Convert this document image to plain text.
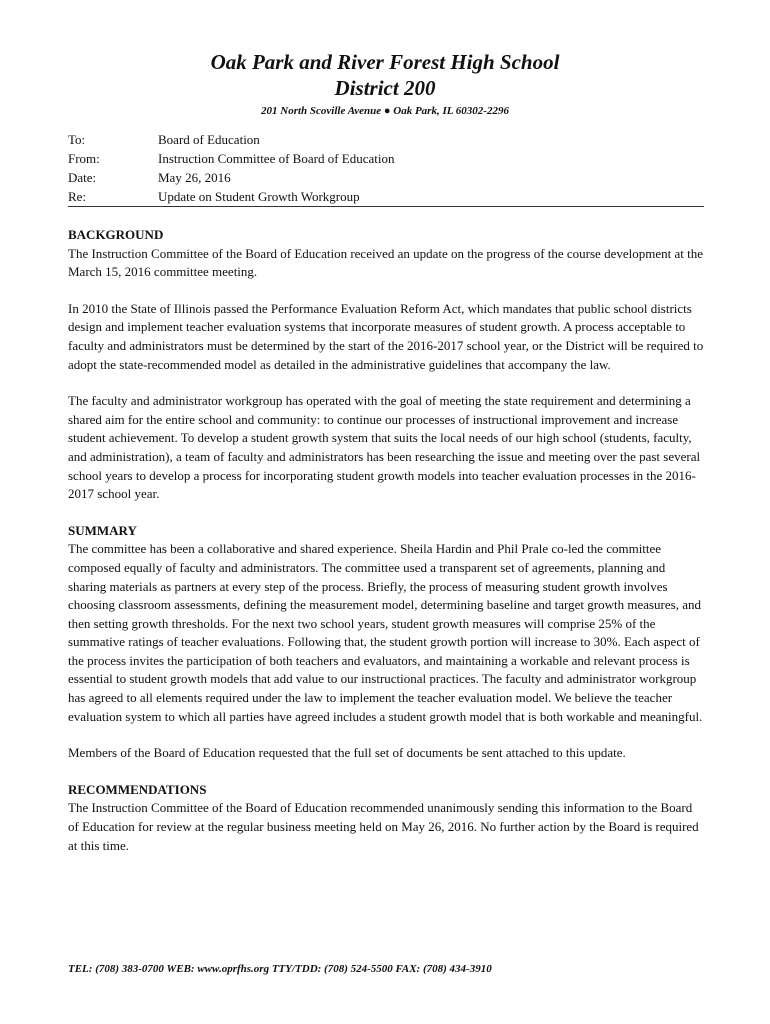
Oak Park and River Forest High School
District 200
201 North Scoville Avenue ● Oak Park, IL 60302-2296
To:	Board of Education
From:	Instruction Committee of Board of Education
Date:	May 26, 2016
Re:	Update on Student Growth Workgroup
BACKGROUND

The Instruction Committee of the Board of Education received an update on the progress of the course development at the March 15, 2016 committee meeting.

In 2010 the State of Illinois passed the Performance Evaluation Reform Act, which mandates that public school districts design and implement teacher evaluation systems that incorporate measures of student growth. A process acceptable to faculty and administrators must be determined by the start of the 2016-2017 school year, or the District will be required to adopt the state-recommended model as detailed in the administrative guidelines that accompany the law.

The faculty and administrator workgroup has operated with the goal of meeting the state requirement and determining a shared aim for the entire school and community: to continue our processes of instructional improvement and increase student achievement. To develop a student growth system that suits the local needs of our high school (students, faculty, and administration), a team of faculty and administrators has been researching the issue and meeting over the past several school years to develop a process for incorporating student growth models into teacher evaluation processes in the 2016-2017 school year.

SUMMARY

The committee has been a collaborative and shared experience. Sheila Hardin and Phil Prale co-led the committee composed equally of faculty and administrators. The committee used a transparent set of agreements, planning and sharing materials as partners at every step of the process. Briefly, the process of measuring student growth involves choosing classroom assessments, defining the measurement model, determining baseline and target growth measures, and then setting growth thresholds. For the next two school years, student growth measures will comprise 25% of the summative ratings of teacher evaluations. Following that, the student growth portion will increase to 30%. Each aspect of the process invites the participation of both teachers and evaluators, and maintaining a workable and relevant process is essential to student growth models that add value to our instructional practices. The faculty and administrator workgroup has agreed to all elements required under the law to implement the teacher evaluation model. We believe the teacher evaluation system to which all parties have agreed includes a student growth model that is both workable and meaningful.

Members of the Board of Education requested that the full set of documents be sent attached to this update.

RECOMMENDATIONS

The Instruction Committee of the Board of Education recommended unanimously sending this information to the Board of Education for review at the regular business meeting held on May 26, 2016. No further action by the Board is required at this time.

TEL: (708) 383-0700 WEB: www.oprfhs.org TTY/TDD: (708) 524-5500 FAX: (708) 434-3910
